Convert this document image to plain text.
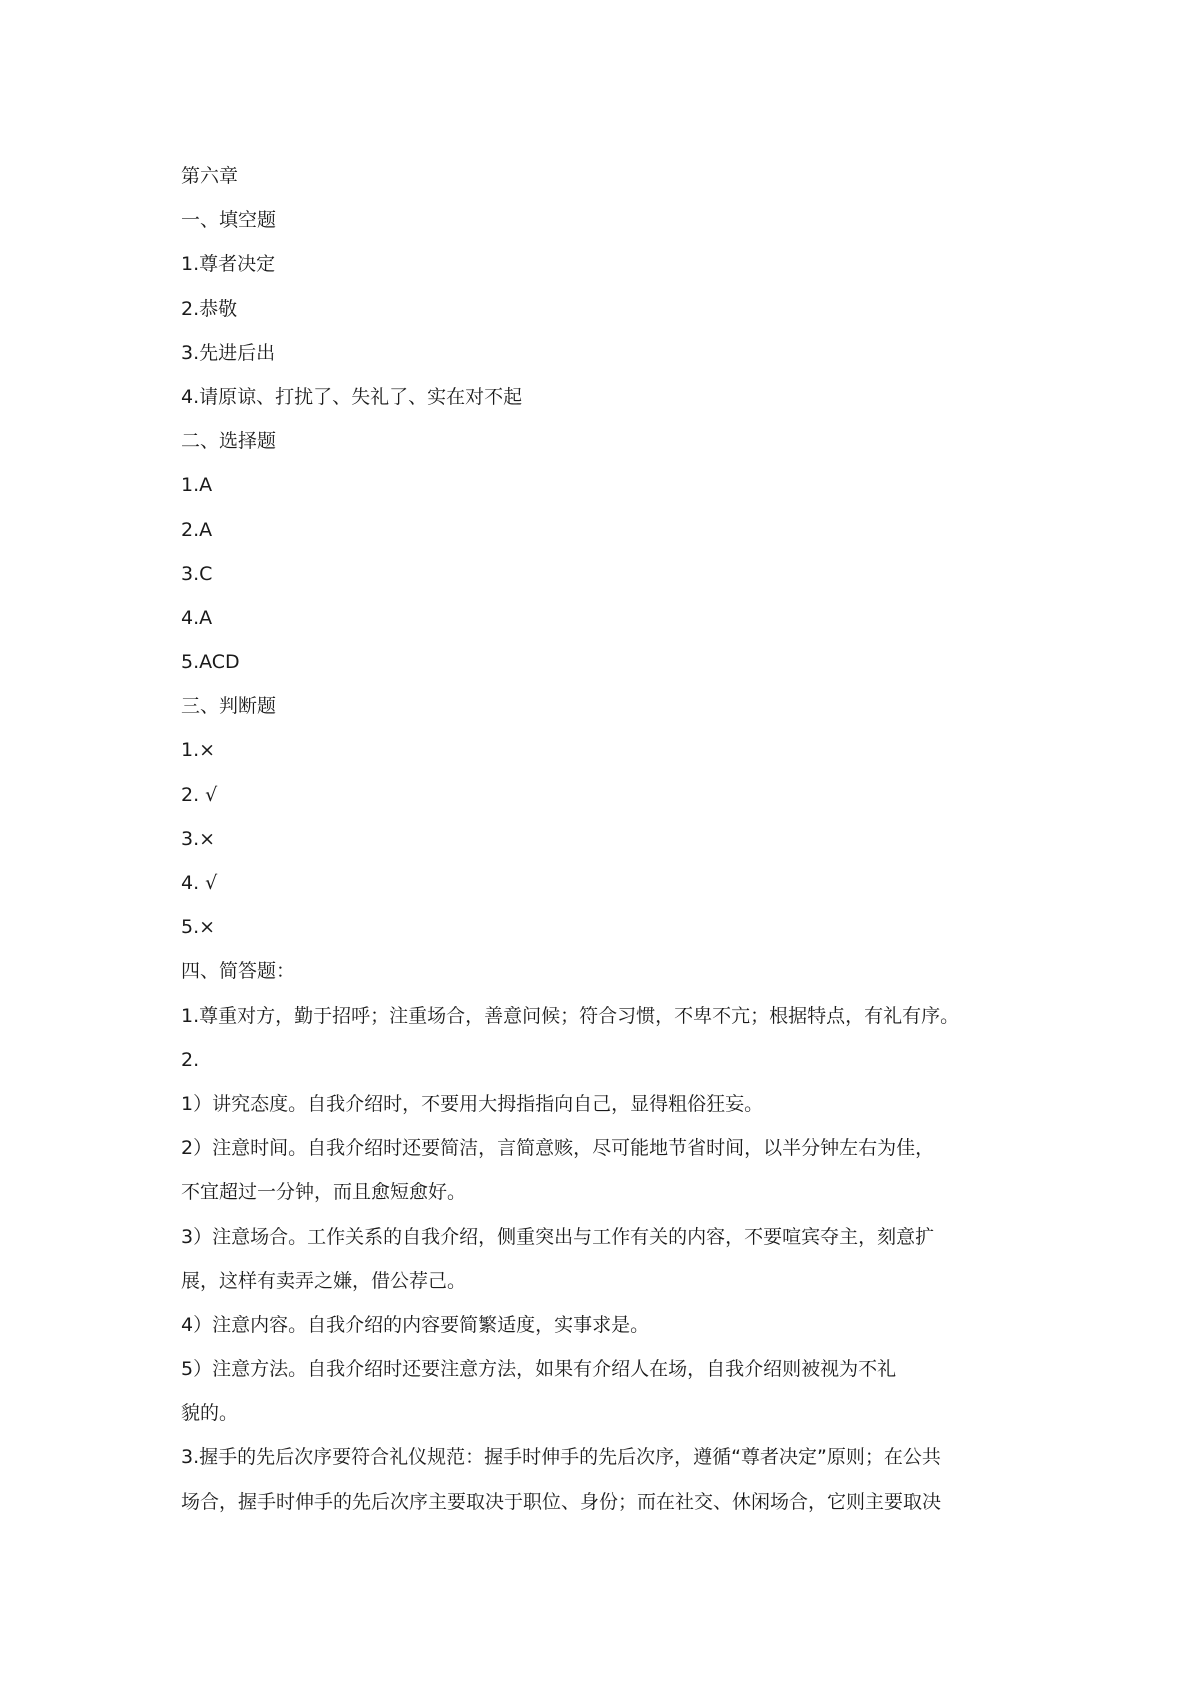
第六章
一、填空题
1.尊者决定
2.恭敬
3.先进后出
4.请原谅、打扰了、失礼了、实在对不起
二、选择题
1.A
2.A
3.C
4.A
5.ACD
三、判断题
1.×
2. √
3.×
4. √
5.×
四、简答题：
1.尊重对方，勤于招呼；注重场合，善意问候；符合习惯，不卑不亢；根据特点，有礼有序。
2.
1）讲究态度。自我介绍时，不要用大拇指指向自己，显得粗俗狂妄。
2）注意时间。自我介绍时还要简洁，言简意赅，尽可能地节省时间，以半分钟左右为佳，
不宜超过一分钟，而且愈短愈好。
3）注意场合。工作关系的自我介绍，侧重突出与工作有关的内容，不要喧宾夺主，刻意扩
展，这样有卖弄之嫌，借公荐己。
4）注意内容。自我介绍的内容要简繁适度，实事求是。
5）注意方法。自我介绍时还要注意方法，如果有介绍人在场，自我介绍则被视为不礼
貌的。
3.握手的先后次序要符合礼仪规范：握手时伸手的先后次序，遵循“尊者决定”原则；在公共
场合，握手时伸手的先后次序主要取决于职位、身份；而在社交、休闲场合，它则主要取决
